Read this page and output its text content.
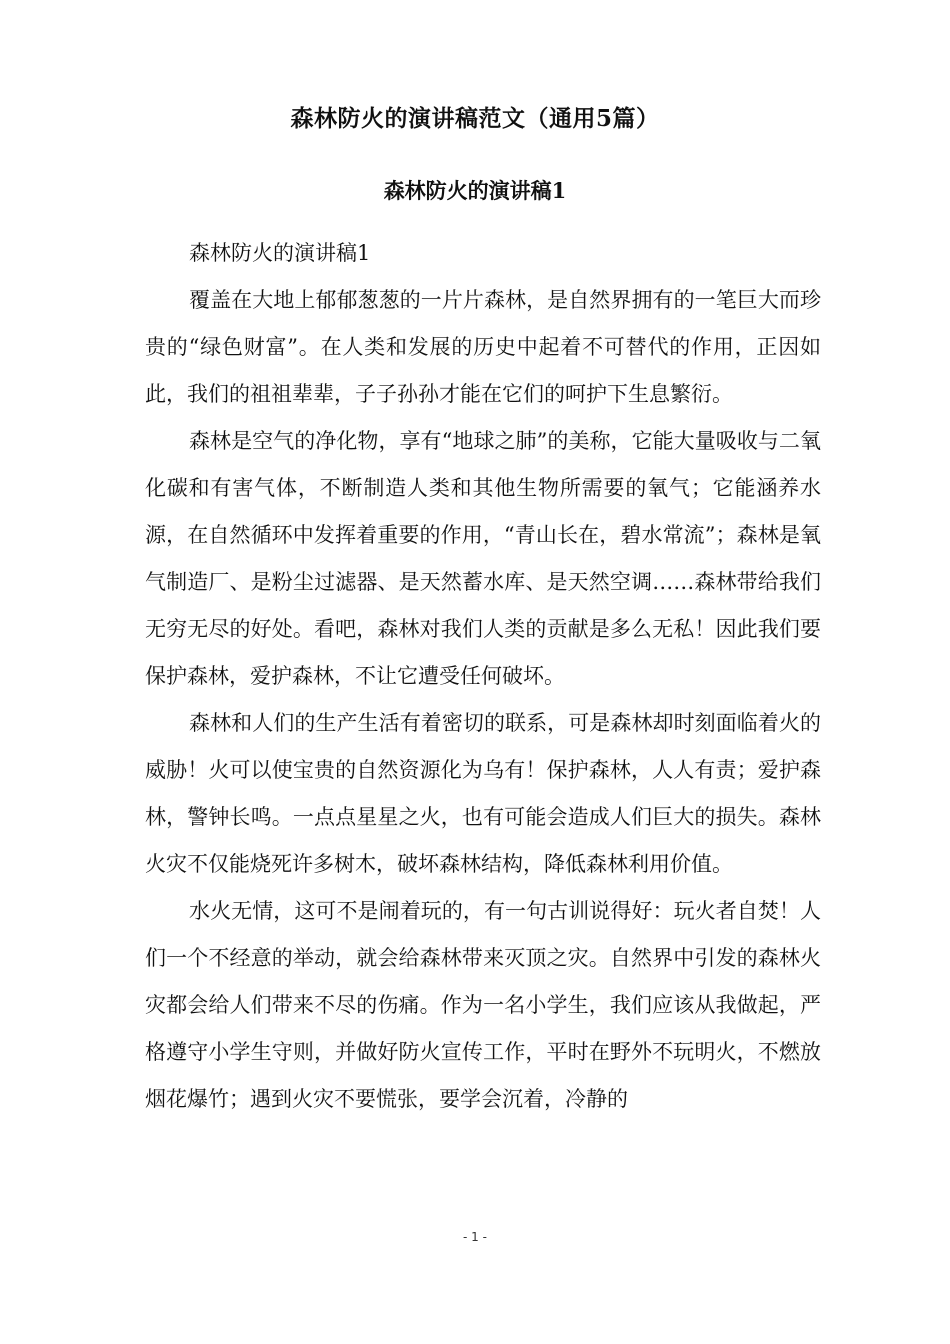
森林防火的演讲稿范文（通用5篇）
森林防火的演讲稿1

森林防火的演讲稿1

覆盖在大地上郁郁葱葱的一片片森林，是自然界拥有的一笔巨大而珍贵的“绿色财富”。在人类和发展的历史中起着不可替代的作用，正因如此，我们的祖祖辈辈，子子孙孙才能在它们的呵护下生息繁衍。

森林是空气的净化物，享有“地球之肺”的美称，它能大量吸收与二氧化碳和有害气体，不断制造人类和其他生物所需要的氧气；它能涵养水源，在自然循环中发挥着重要的作用，“青山长在，碧水常流”；森林是氧气制造厂、是粉尘过滤器、是天然蓄水库、是天然空调……森林带给我们无穷无尽的好处。看吧，森林对我们人类的贡献是多么无私！因此我们要保护森林，爱护森林，不让它遭受任何破坏。

森林和人们的生产生活有着密切的联系，可是森林却时刻面临着火的威胁！火可以使宝贵的自然资源化为乌有！保护森林，人人有责；爱护森林，警钟长鸣。一点点星星之火，也有可能会造成人们巨大的损失。森林火灾不仅能烧死许多树木，破坏森林结构，降低森林利用价值。

水火无情，这可不是闹着玩的，有一句古训说得好：玩火者自焚！人们一个不经意的举动，就会给森林带来灭顶之灾。自然界中引发的森林火灾都会给人们带来不尽的伤痛。作为一名小学生，我们应该从我做起，严格遵守小学生守则，并做好防火宣传工作，平时在野外不玩明火，不燃放烟花爆竹；遇到火灾不要慌张，要学会沉着，冷静的

- 1 -
